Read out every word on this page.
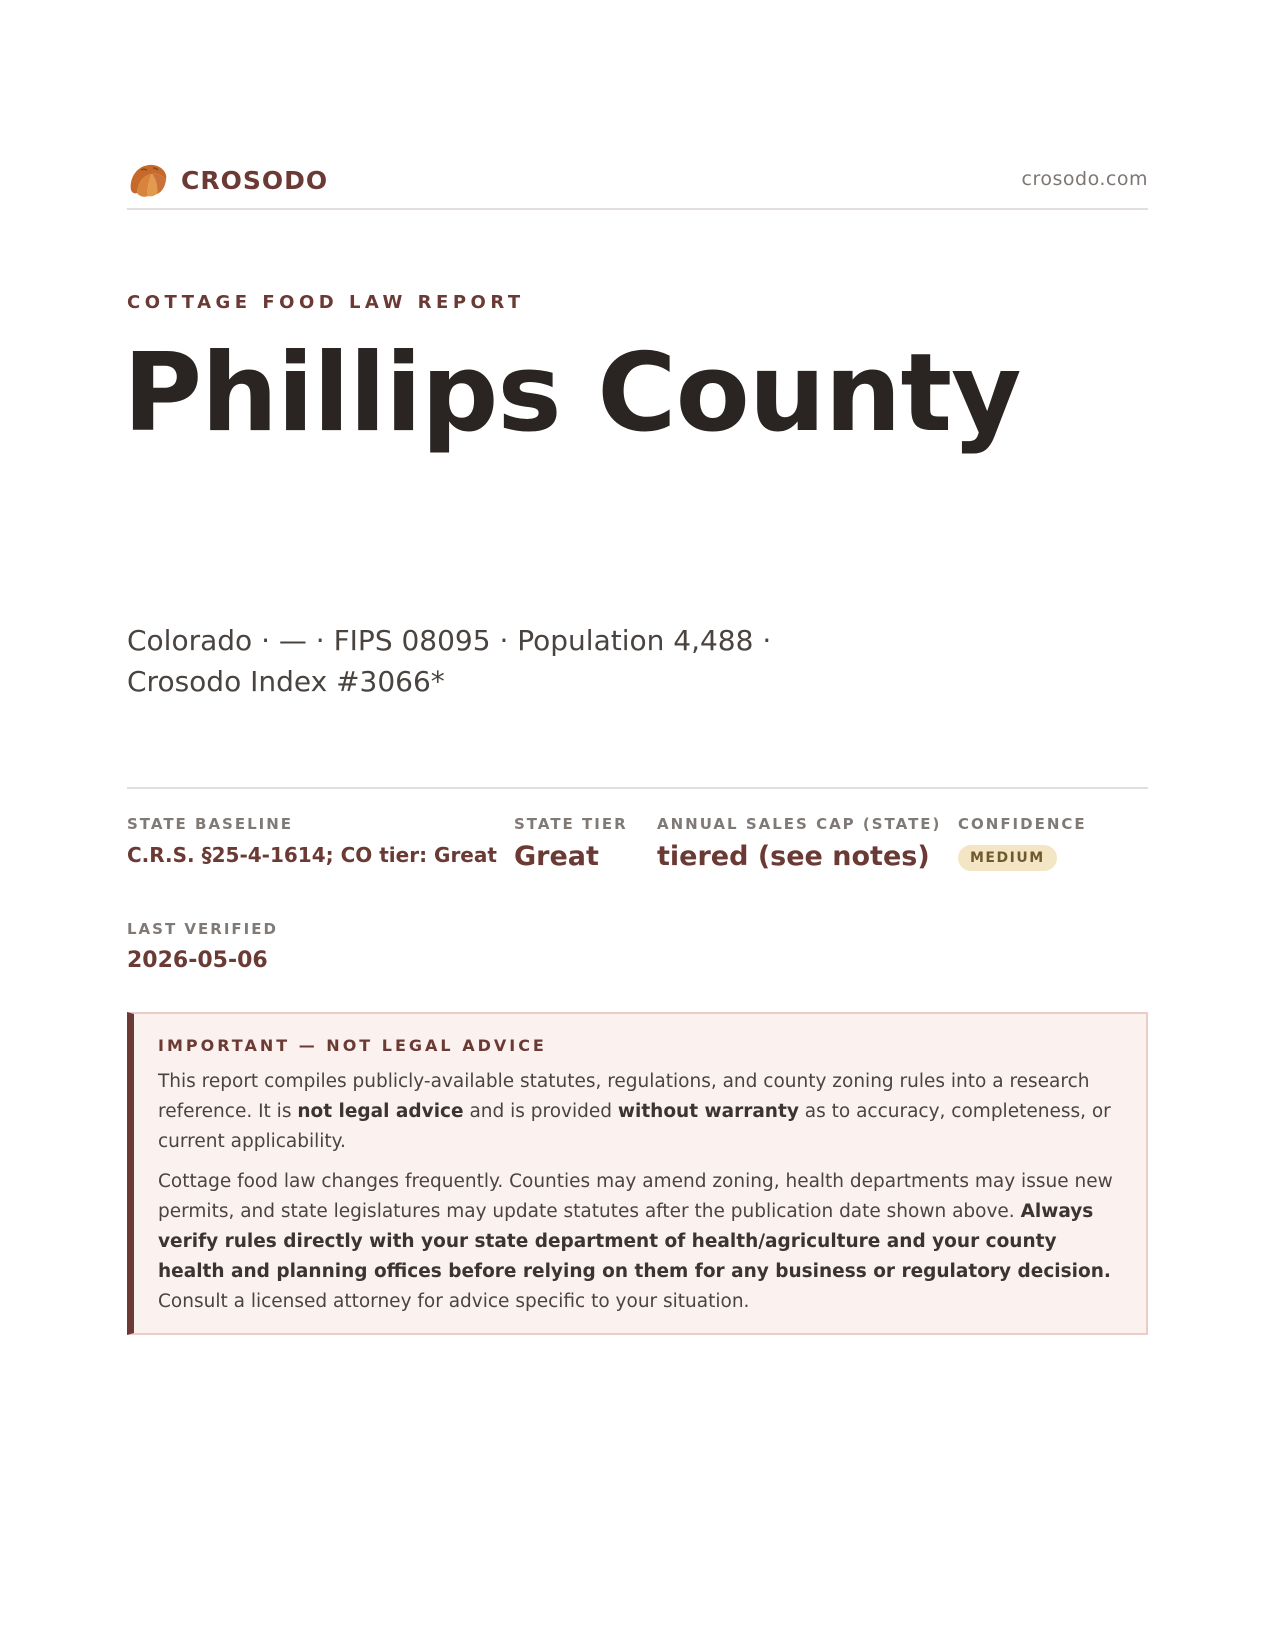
CROSODO	crosodo.com
COTTAGE FOOD LAW REPORT
Phillips County

Colorado · — · FIPS 08095 · Population 4,488 · Crosodo Index #3066*

STATE BASELINE
C.R.S. §25-4-1614; CO tier: Great
STATE TIER
Great
ANNUAL SALES CAP (STATE)
tiered (see notes)
CONFIDENCE
MEDIUM
LAST VERIFIED
2026-05-06
IMPORTANT — NOT LEGAL ADVICE

This report compiles publicly-available statutes, regulations, and county zoning rules into a research reference. It is not legal advice and is provided without warranty as to accuracy, completeness, or current applicability.

Cottage food law changes frequently. Counties may amend zoning, health departments may issue new permits, and state legislatures may update statutes after the publication date shown above. Always verify rules directly with your state department of health/agriculture and your county health and planning offices before relying on them for any business or regulatory decision. Consult a licensed attorney for advice specific to your situation.
